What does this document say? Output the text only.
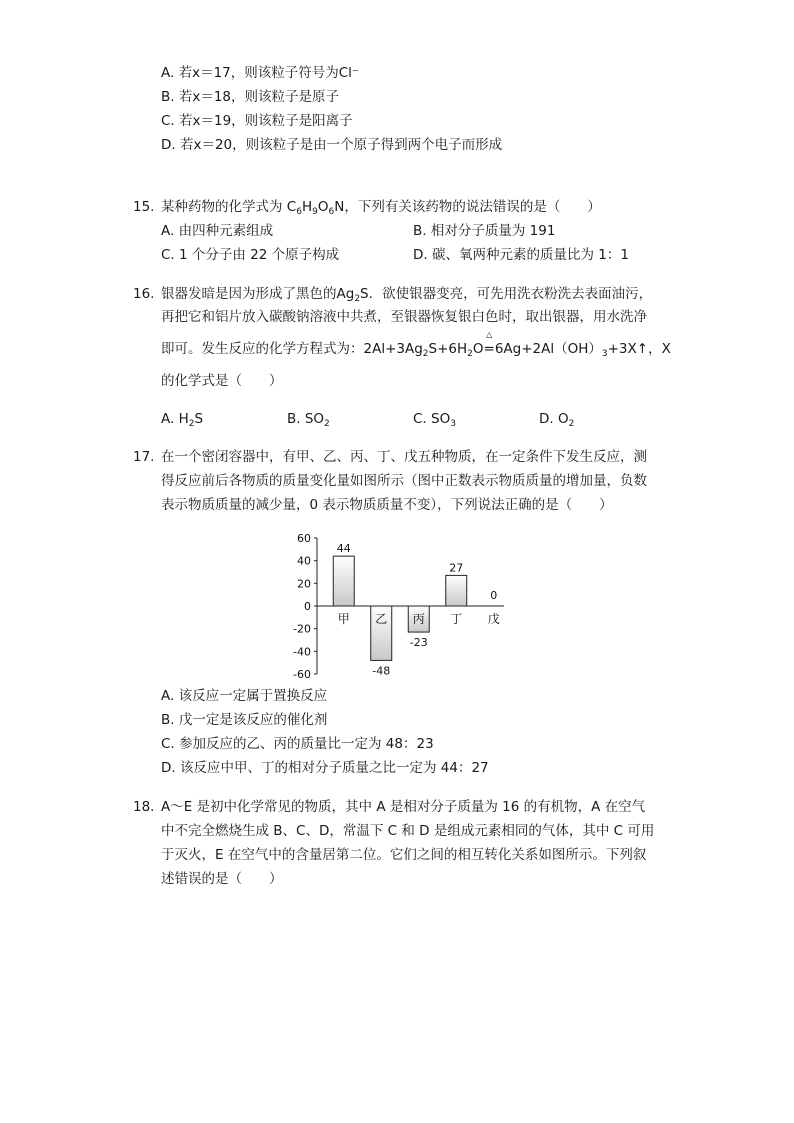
A. 若x＝17，则该粒子符号为Cl⁻
B. 若x＝18，则该粒子是原子
C. 若x＝19，则该粒子是阳离子
D. 若x＝20，则该粒子是由一个原子得到两个电子而形成
15. 某种药物的化学式为 $C_6H_9O_6N$，下列有关该药物的说法错误的是（　　）
A. 由四种元素组成	B. 相对分子质量为 191
C. 1 个分子由 22 个原子构成	D. 碳、氧两种元素的质量比为 1：1
16. 银器发暗是因为形成了黑色的$Ag_2S$．欲使银器变亮，可先用洗衣粉洗去表面油污，
再把它和铝片放入碳酸钠溶液中共煮，至银器恢复银白色时，取出银器，用水洗净
即可。发生反应的化学方程式为：$2Al+3Ag_2S+6H_2O$
△
$=6Ag+2Al(OH)_3+3X↑$，X
的化学式是（　　）
A. $H_2S$	B. $SO_2$	C. $SO_3$	D. $O_2$
17. 在一个密闭容器中，有甲、乙、丙、丁、戊五种物质，在一定条件下发生反应，测
得反应前后各物质的质量变化量如图所示（图中正数表示物质质量的增加量，负数
表示物质质量的减少量，0 表示物质质量不变），下列说法正确的是（　　）
60
40
20
0
-20
-40
-60
甲
44
乙
-48
丙
-23
丁
27
戊
0
A. 该反应一定属于置换反应
B. 戊一定是该反应的催化剂
C. 参加反应的乙、丙的质量比一定为 48：23
D. 该反应中甲、丁的相对分子质量之比一定为 44：27
18. A～E 是初中化学常见的物质，其中 A 是相对分子质量为 16 的有机物，A 在空气
中不完全燃烧生成 B、C、D，常温下 C 和 D 是组成元素相同的气体，其中 C 可用
于灭火，E 在空气中的含量居第二位。它们之间的相互转化关系如图所示。下列叙
述错误的是（　　）
